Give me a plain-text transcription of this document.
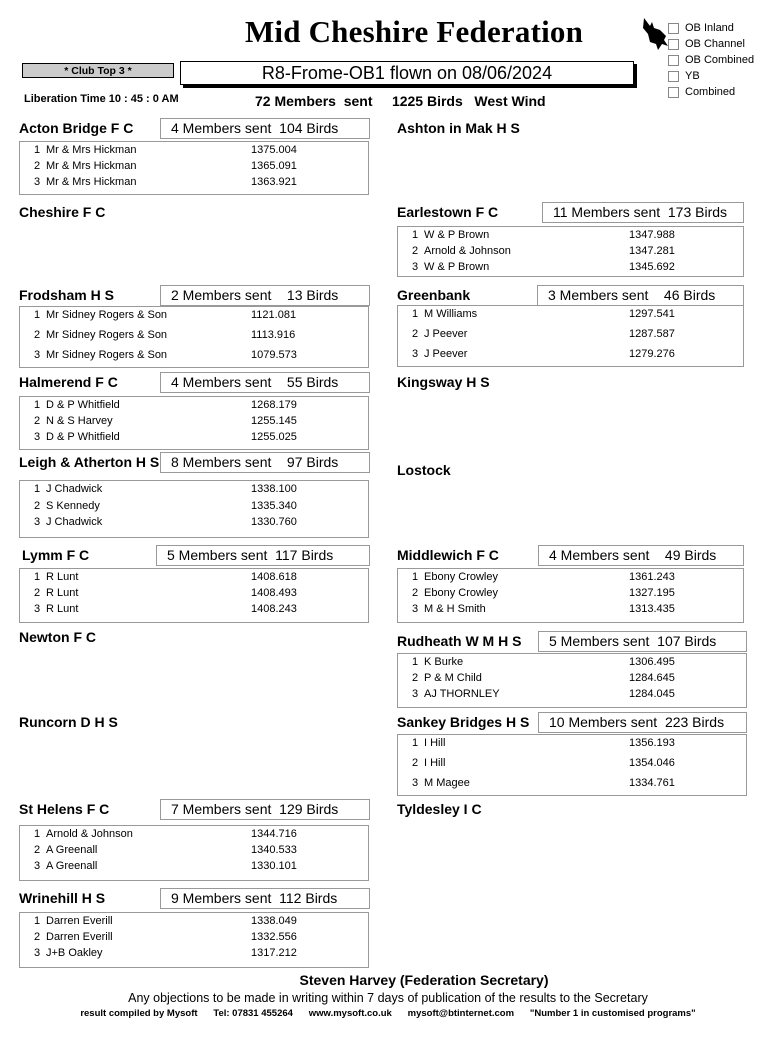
Mid Cheshire Federation	OB Inland
OB Channel
OB Combined
YB
Combined
* Club Top 3 *	R8-Frome-OB1 flown on 08/06/2024
Liberation Time 10 : 45 : 0 AM	72 Members  sent     1225 Birds   West Wind
Acton Bridge F C	4 Members sent  104 Birds
1 Mr & Mrs Hickman	1375.004
2 Mr & Mrs Hickman	1365.091
3 Mr & Mrs Hickman	1363.921
Ashton in Mak H S
Cheshire F C	Earlestown F C	11 Members sent  173 Birds
1 W & P Brown	1347.988
2 Arnold & Johnson	1347.281
3 W & P Brown	1345.692
Frodsham H S	2 Members sent    13 Birds
1 Mr Sidney Rogers & Son	1121.081
2 Mr Sidney Rogers & Son	1113.916
3 Mr Sidney Rogers & Son	1079.573
Greenbank	3 Members sent    46 Birds
1 M Williams	1297.541
2 J Peever	1287.587
3 J Peever	1279.276
Halmerend F C	4 Members sent    55 Birds
1 D & P Whitfield	1268.179
2 N & S Harvey	1255.145
3 D & P Whitfield	1255.025
Kingsway H S
Leigh & Atherton H S 8 Members sent    97 Birds
1 J Chadwick	1338.100
2 S Kennedy	1335.340
3 J Chadwick	1330.760
Lostock
Lymm F C	5 Members sent  117 Birds
1 R Lunt	1408.618
2 R Lunt	1408.493
3 R Lunt	1408.243
Middlewich F C	4 Members sent    49 Birds
1 Ebony Crowley	1361.243
2 Ebony Crowley	1327.195
3 M & H Smith	1313.435
Newton F C	Rudheath W M H S	5 Members sent  107 Birds
1 K Burke	1306.495
2 P & M Child	1284.645
3 AJ THORNLEY	1284.045
Runcorn D H S	Sankey Bridges H S	10 Members sent  223 Birds
1 I Hill	1356.193
2 I Hill	1354.046
3 M Magee	1334.761
St Helens F C	7 Members sent  129 Birds
1 Arnold & Johnson	1344.716
2 A Greenall	1340.533
3 A Greenall	1330.101
Tyldesley I C
Wrinehill H S	9 Members sent  112 Birds
1 Darren Everill	1338.049
2 Darren Everill	1332.556
3 J+B Oakley	1317.212
Steven Harvey (Federation Secretary)
Any objections to be made in writing within 7 days of publication of the results to the Secretary
result compiled by Mysoft      Tel: 07831 455264      www.mysoft.co.uk      mysoft@btinternet.com      "Number 1 in customised programs"
